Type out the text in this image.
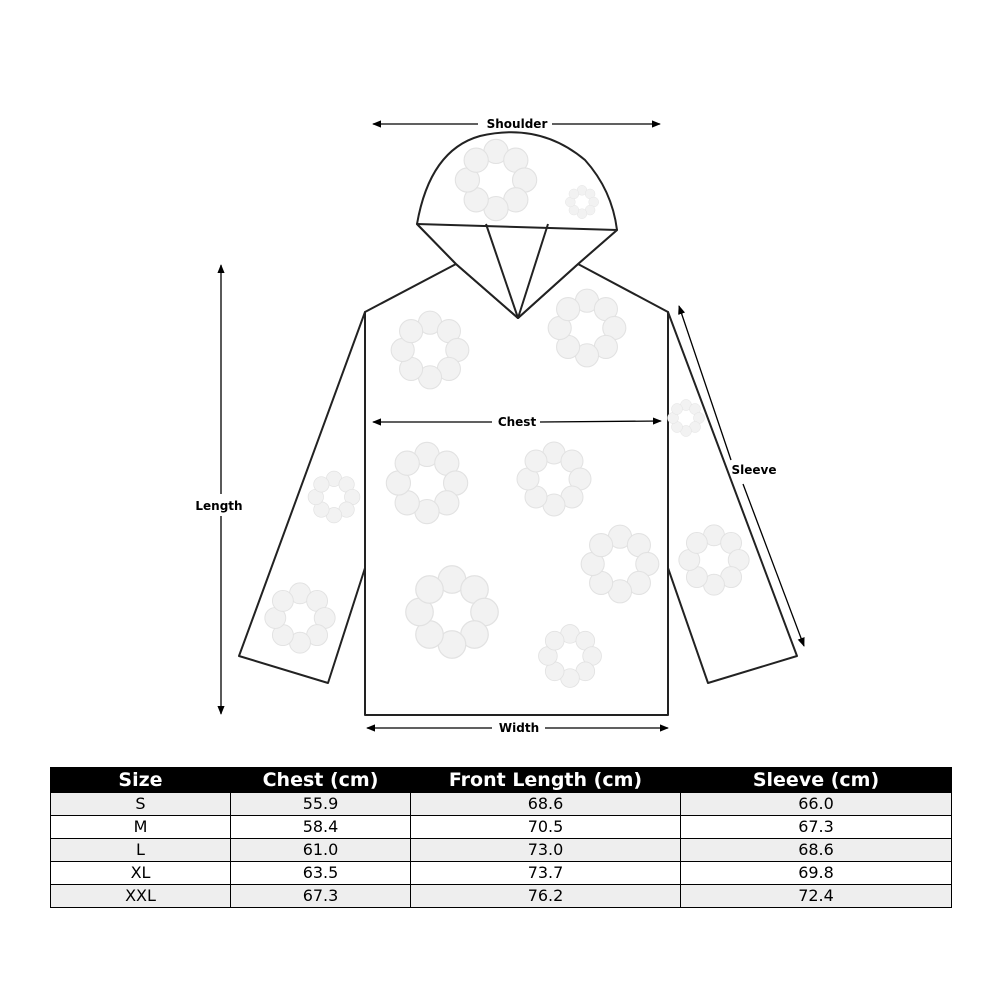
Shoulder
Chest
Width
Length
Sleeve
Size	Chest (cm)	Front Length (cm)	Sleeve (cm)
S	55.9	68.6	66.0
M	58.4	70.5	67.3
L	61.0	73.0	68.6
XL	63.5	73.7	69.8
XXL	67.3	76.2	72.4
